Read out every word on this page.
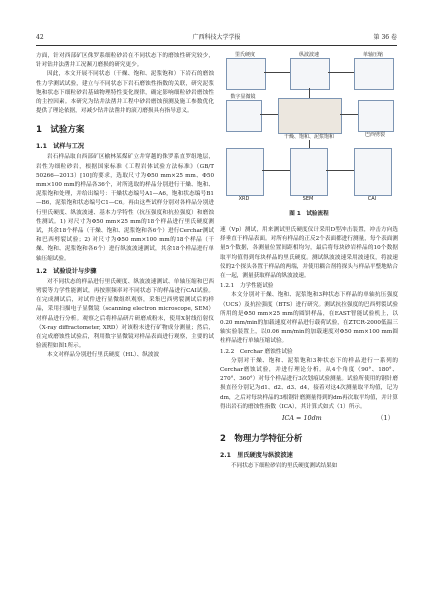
42	广西科技大学学报	第 36 卷

方面，针对西部矿区侏罗系细粒砂岩在不同状态下的磨蚀性研究较少，针对钻井法凿井工况濒刀磨损的研究更少。

因此，本文开展不同状态（干燥、饱和、泥浆饱和）下岩石的磨蚀性力学测试试验，建立与不同状态下岩石磨蚀性指数的关联，研究泥浆饱和状态下细粒砂岩基础物理特性变化规律，确定影响细粒砂岩磨蚀性的主控因素。本研究为钻井法凿井工程中砂岩磨蚀预测及施工参数优化提供了理论依据，对减少钻井法凿井的滚刀磨损具有指导意义。

1　试验方案
1.1　试样与工况

岩石样品取自西部矿区榆林某煤矿立井穿越的侏罗系直罗组地层，岩性为细粒砂岩，根据国家标准《工程岩体试验方法标准》（GB/T　50266—2013）[10]的要求，选取尺寸为Φ50 mm×25 mm、Φ50 mm×100 mm的样品各36个，对所选取的样品分别进行干燥、饱和、泥浆饱和处理，并给出编号：干燥状态编号A1—A6，饱和状态编号B1—B6，泥浆饱和状态编号C1—C6。再由这些试样分别对各样品分别进行里氏硬度、纵波波速、基本力学特性（抗压强度和抗拉强度）和磨蚀性测试。1) 对尺寸为Φ50 mm×25 mm的18个样品进行里氏硬度测试，其余18个样品（干燥、饱和、泥浆饱和各6个）进行Cerchar测试和巴西劈裂试验；2) 对尺寸为Φ50 mm×100 mm的18个样品（干燥、饱和、泥浆饱和各6个）进行纵波波速测试，其余18个样品进行单轴压缩试验。

1.2　试验设计与步骤

对不同状态的样品进行里氏硬度、纵波波速测试、单轴压缩和巴西劈裂等力学性能测试，再按照频率对不同状态下的样品进行CAI试验。在完成测试后，对试件进行显微组织观察，采集巴西劈裂测试后的样品，采用扫描电子显微镜（scanning electron microscope, SEM）对样品进行分析。观察之后将样品研片研磨成粉末，使用X射线衍射仪（X-ray diffractometer, XRD）对该粉末进行矿物成分测量；然后，在完成磨蚀性试验后，利用数字显微镜对样品表面进行观察，主要的试验流程如图1所示。

本文对样品分别进行里氏硬度（HL）、纵波波

里氏硬度	纵波波速	单轴压缩
数字显微镜
干燥、饱和、泥浆饱和	巴西劈裂
XRD	SEM	CAI
图 1　试验流程

速（Vp）测试，用来测试里氏硬度仪计采用D型冲击装置，冲击方向选择垂直于样品表面。对所有样品的正反2个表面都进行测量，每个表面测量5个数据，各测量位置间距相均匀，最后将每块砂岩样品的10个数据取平均值得到每块样品的里氏硬度。测试纵波波速采用波速仪，将波速仪的2个探头各置于样品的两端，并使用耦合剂将探头与样品平整地贴合在一起，测量获取样品的纵波波速。

1.2.1　力学性能试验

本文分别对干燥、饱和、泥浆饱和3种状态下样品的单轴抗压强度（UCS）及抗拉强度（BTS）进行研究。测试抗拉强度的巴西劈裂试验所用的是Φ50 mm×25 mm的圆饼样品，在EAST智能试验机上，以0.20 mm/min的加载速度对样品进行载荷试验，在ZTCR-2000低温三轴实验装置上，以0.06 mm/min的加载速度对Φ50 mm×100 mm圆柱样品进行单轴压缩试验。

1.2.2　Cerchar 磨蚀性试验

分别对干燥、饱和、泥浆饱和3种状态下的样品进行一系列的Cerchar磨蚀试验，并进行理论分析。从4个角度（90°、180°、270°、360°）对每个样品进行3次划痕试验测量。试验所使用的钢针磨损直径分别记为d1、d2、d3、d4，接着对这4次测量取平均值，记为dm，之后对每块样品的3根钢针磨测量得到的dm再次取平均值，并计算得出岩石的磨蚀性指数（ICA），其计算式如式（1）所示。

ICA = 10dm	（1）
2　物理力学特征分析
2.1　里氏硬度与纵波波速

不同状态下细粒砂岩的里氏硬度测试结果如
